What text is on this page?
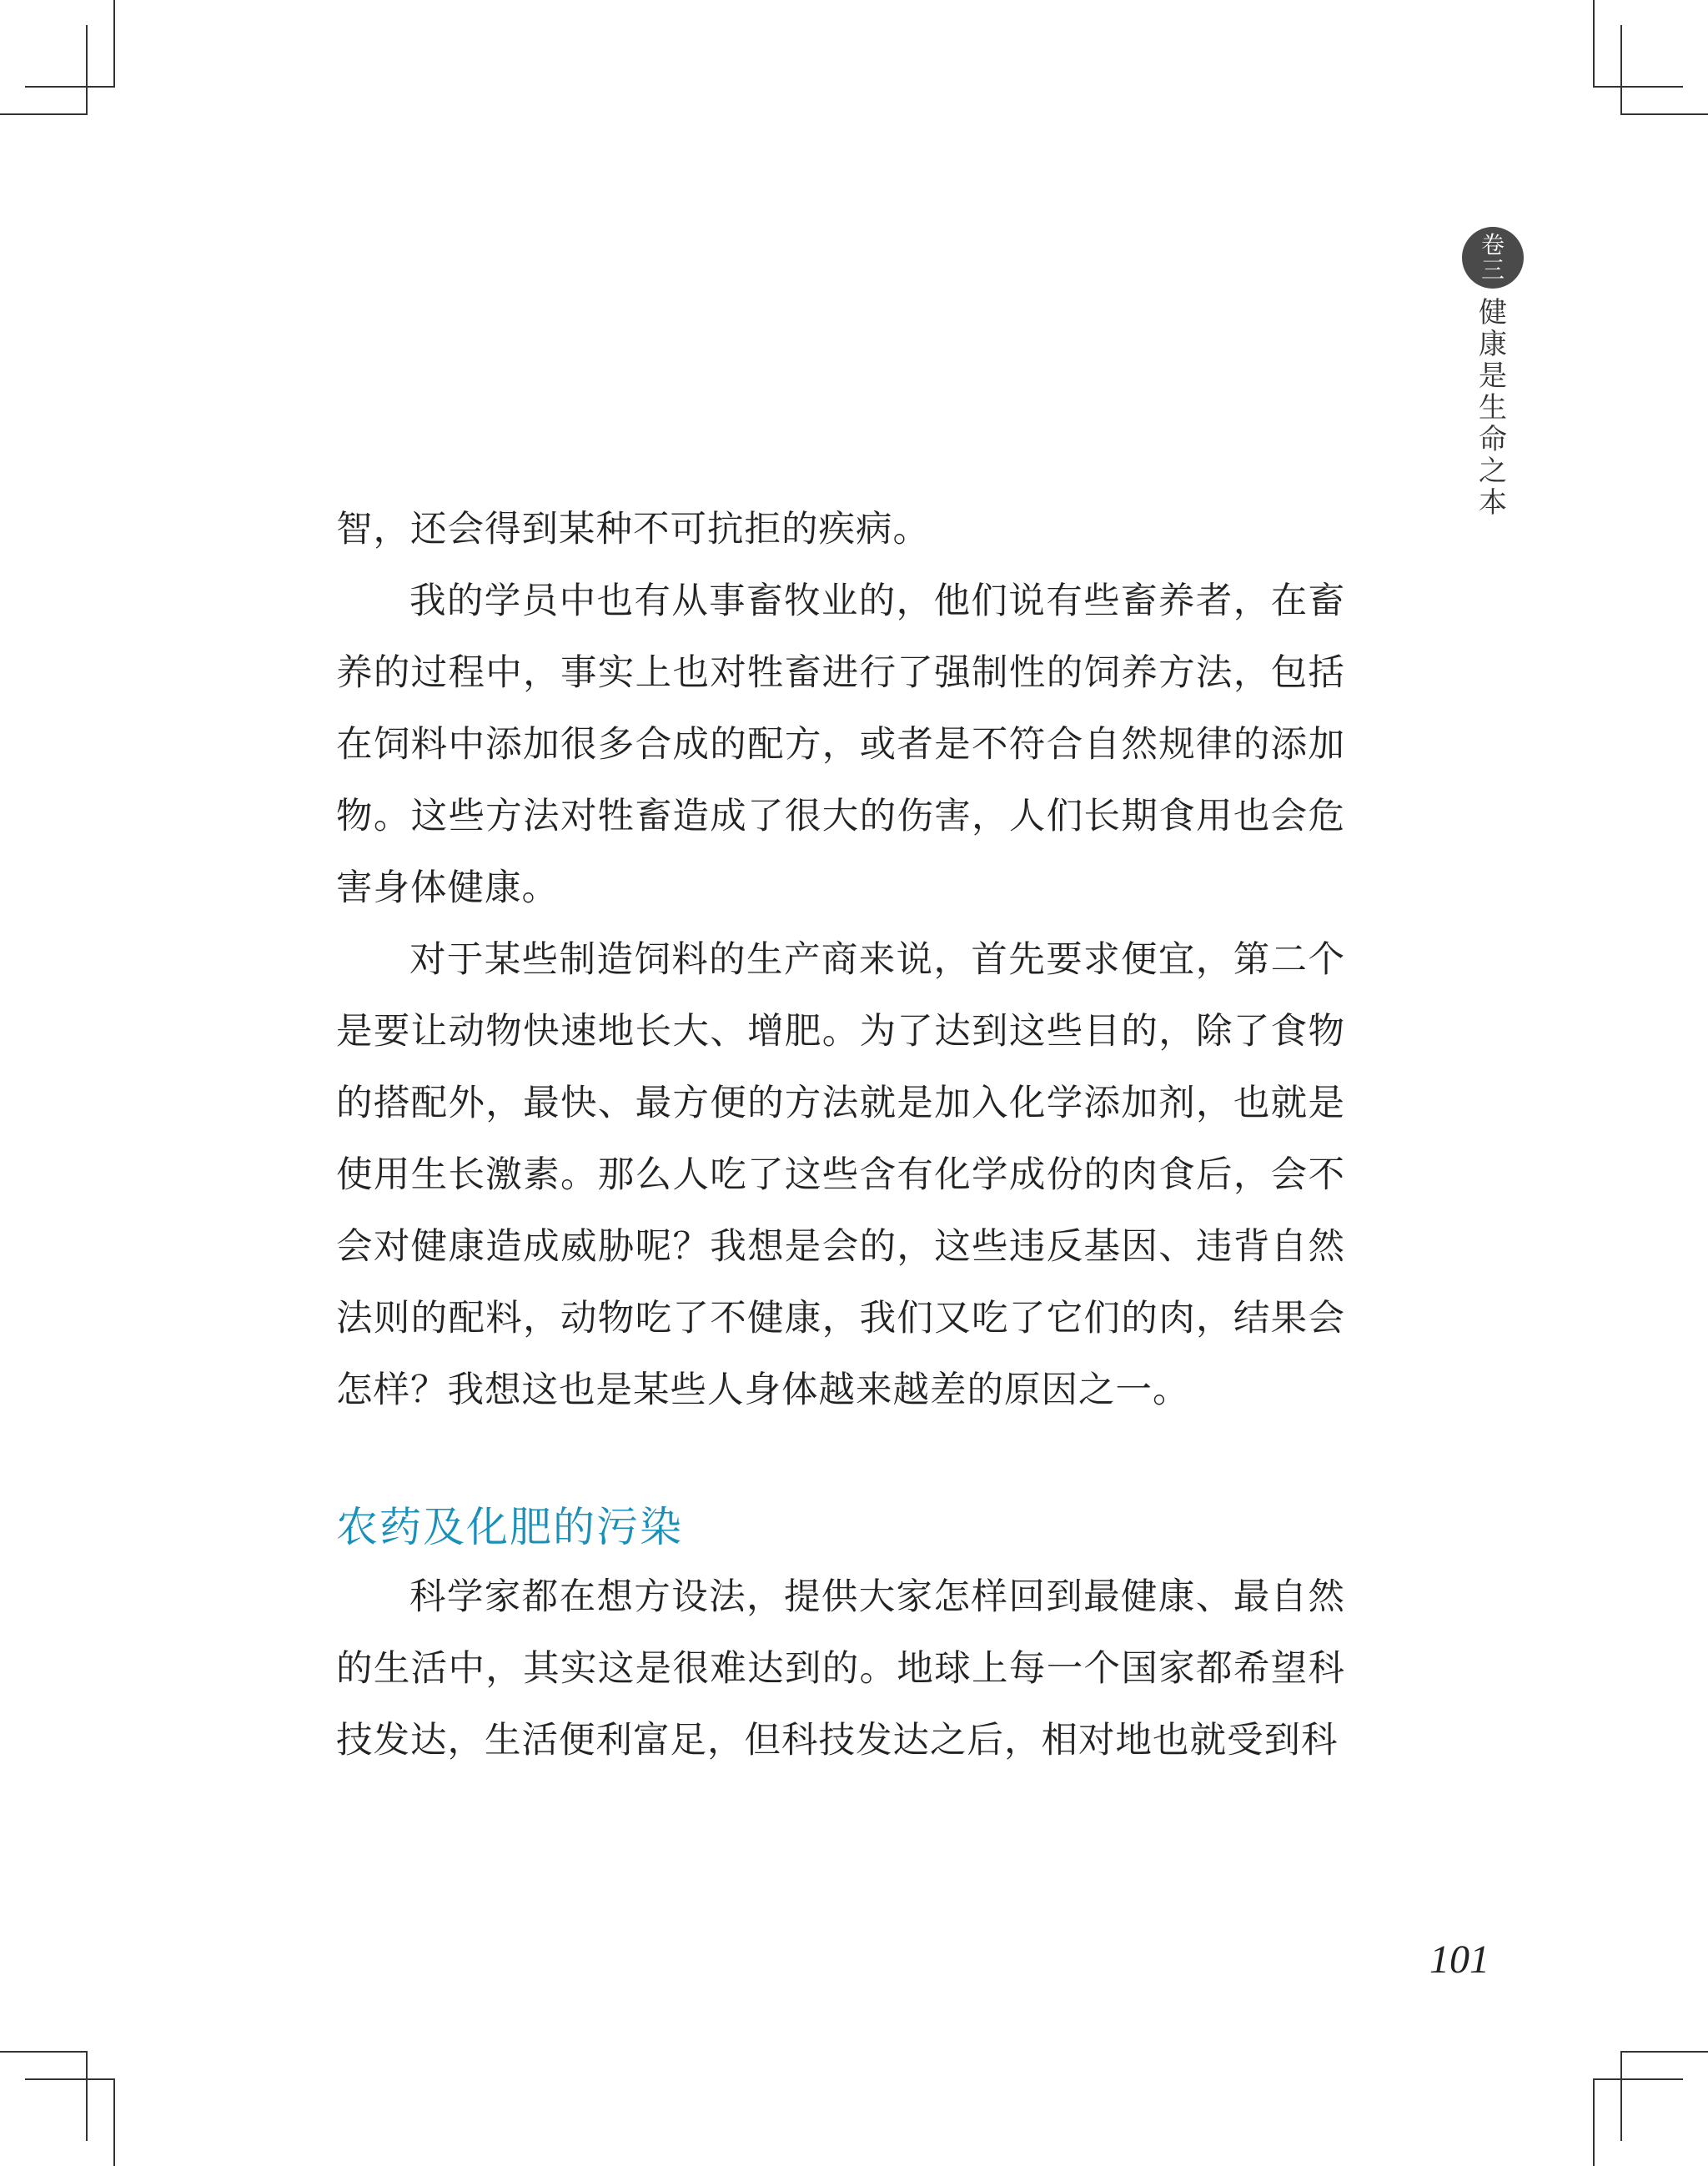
卷
三
健
康
是
生
命
之
本

智，还会得到某种不可抗拒的疾病。

我的学员中也有从事畜牧业的，他们说有些畜养者，在畜养的过程中，事实上也对牲畜进行了强制性的饲养方法，包括在饲料中添加很多合成的配方，或者是不符合自然规律的添加物。这些方法对牲畜造成了很大的伤害，人们长期食用也会危害身体健康。

对于某些制造饲料的生产商来说，首先要求便宜，第二个是要让动物快速地长大、增肥。为了达到这些目的，除了食物的搭配外，最快、最方便的方法就是加入化学添加剂，也就是使用生长激素。那么人吃了这些含有化学成份的肉食后，会不会对健康造成威胁呢？我想是会的，这些违反基因、违背自然法则的配料，动物吃了不健康，我们又吃了它们的肉，结果会怎样？我想这也是某些人身体越来越差的原因之一。

农药及化肥的污染

科学家都在想方设法，提供大家怎样回到最健康、最自然的生活中，其实这是很难达到的。地球上每一个国家都希望科技发达，生活便利富足，但科技发达之后，相对地也就受到科

101
